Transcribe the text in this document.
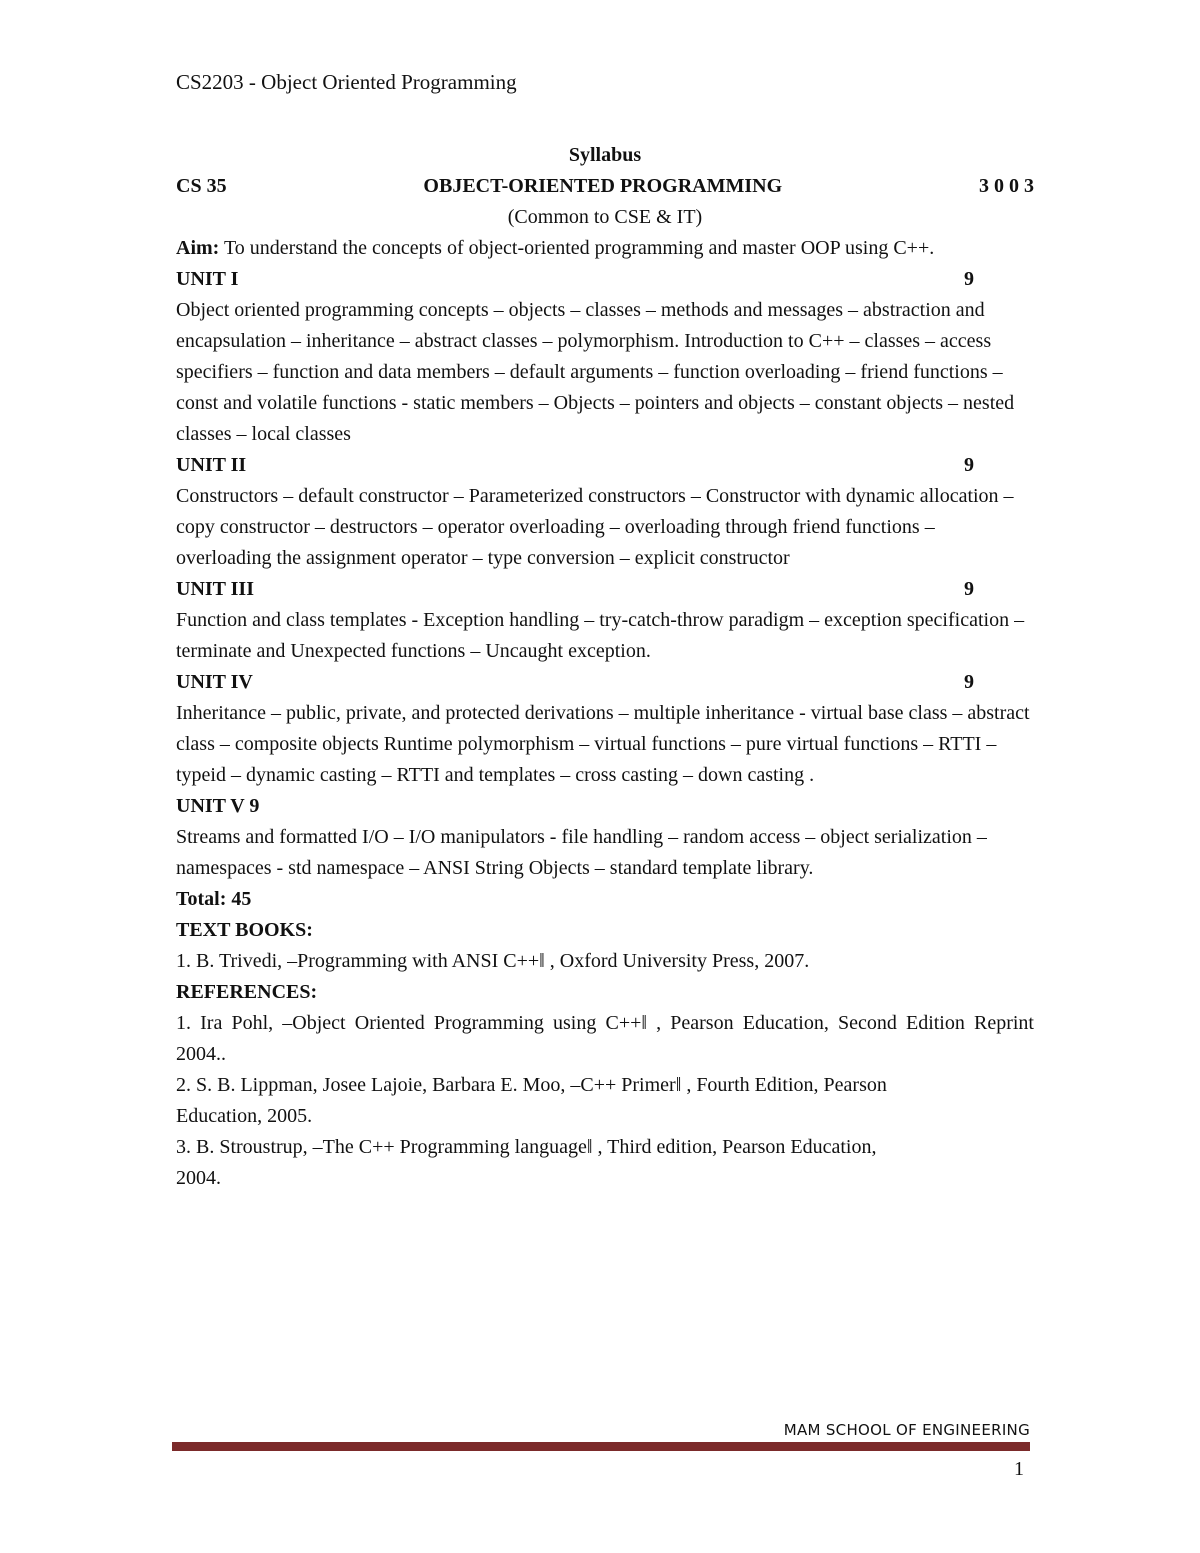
CS2203 - Object Oriented Programming
Syllabus
CS 35	OBJECT-ORIENTED PROGRAMMING	3 0 0 3
(Common to CSE & IT)
Aim: To understand the concepts of object-oriented programming and master OOP using C++.
UNIT I	9
Object oriented programming concepts – objects – classes – methods and messages – abstraction and encapsulation – inheritance – abstract classes – polymorphism. Introduction to C++ – classes – access specifiers – function and data members – default arguments – function overloading – friend functions – const and volatile functions - static members – Objects – pointers and objects – constant objects – nested classes – local classes
UNIT II	9
Constructors – default constructor – Parameterized constructors – Constructor with dynamic allocation – copy constructor – destructors – operator overloading – overloading through friend functions – overloading the assignment operator – type conversion – explicit constructor
UNIT III	9
Function and class templates - Exception handling – try-catch-throw paradigm – exception specification – terminate and Unexpected functions – Uncaught exception.
UNIT IV	9
Inheritance – public, private, and protected derivations – multiple inheritance - virtual base class – abstract class – composite objects Runtime polymorphism – virtual functions – pure virtual functions – RTTI – typeid – dynamic casting – RTTI and templates – cross casting – down casting .
UNIT V 9
Streams and formatted I/O – I/O manipulators - file handling – random access – object serialization – namespaces - std namespace – ANSI String Objects – standard template library.
Total: 45
TEXT BOOKS:
1. B. Trivedi, –Programming with ANSI C++‖ , Oxford University Press, 2007.
REFERENCES:
1. Ira Pohl, –Object Oriented Programming using C++‖ , Pearson Education, Second Edition Reprint 2004..
2. S. B. Lippman, Josee Lajoie, Barbara E. Moo, –C++ Primer‖ , Fourth Edition, Pearson
Education, 2005.
3. B. Stroustrup, –The C++ Programming language‖ , Third edition, Pearson Education,
2004.
MAM SCHOOL OF ENGINEERING
1
